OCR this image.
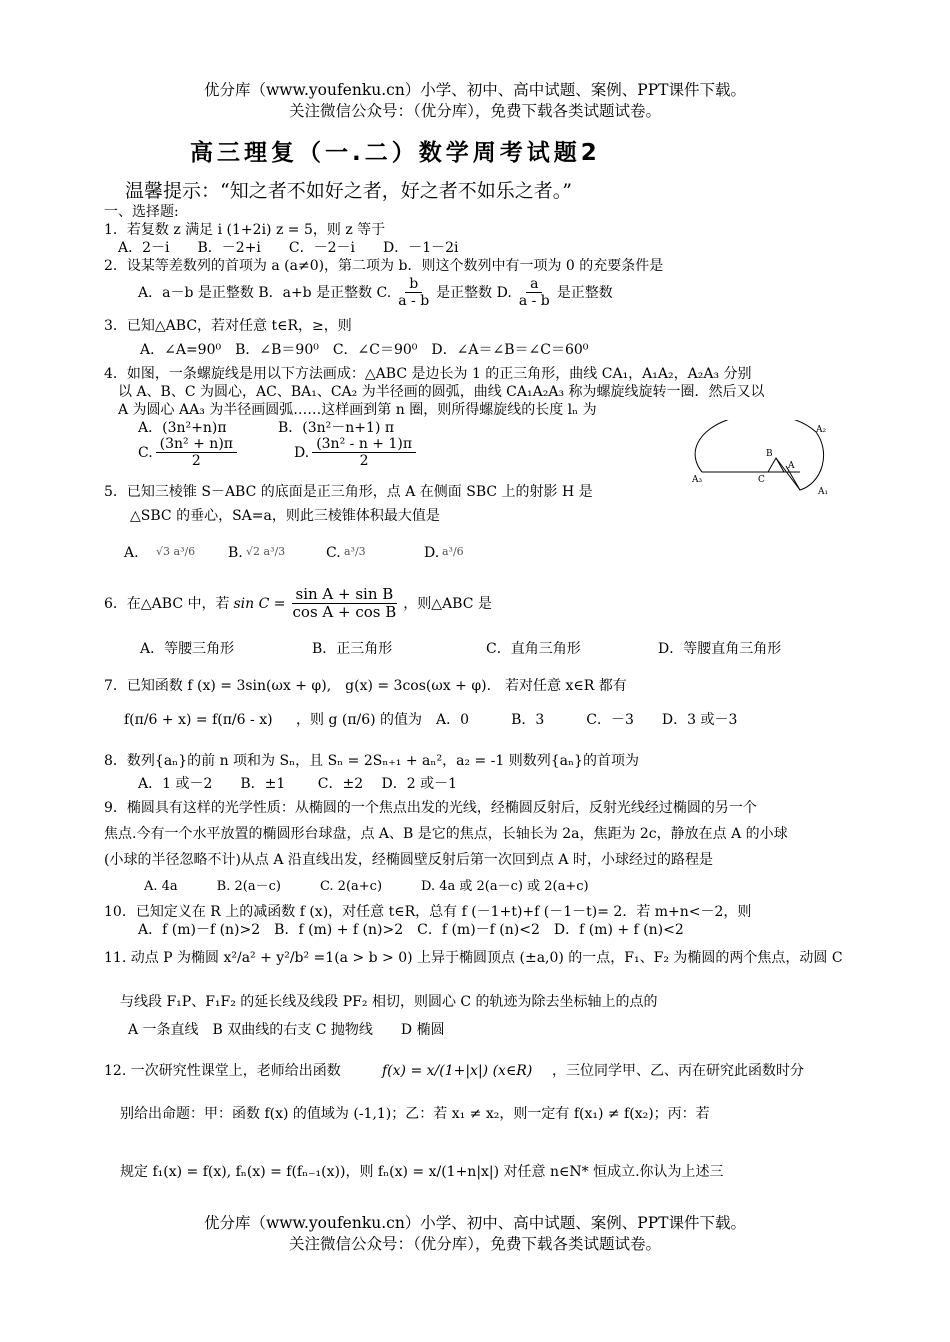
优分库（www.youfenku.cn）小学、初中、高中试题、案例、PPT课件下载。
关注微信公众号：（优分库），免费下载各类试题试卷。
高三理复（一.二）数学周考试题2
温馨提示：“知之者不如好之者，好之者不如乐之者。”
一、选择题:
1．若复数 z 满足 i (1+2i) z = 5，则 z 等于
A．2－i　　B．－2+i　　C．－2－i　　D．－1－2i
2．设某等差数列的首项为 a (a≠0)，第二项为 b．则这个数列中有一项为 0 的充要条件是
A．a－b 是正整数 B．a+b 是正整数 C. $\frac{b}{a - b}$ 是正整数 D. $\frac{a}{a - b}$ 是正整数
3．已知△ABC，若对任意 t∈R，≥，则
A．∠A=90⁰　B．∠B＝90⁰　C．∠C＝90⁰　D．∠A＝∠B＝∠C＝60⁰
4．如图，一条螺旋线是用以下方法画成：△ABC 是边长为 1 的正三角形，曲线 CA₁，A₁A₂，A₂A₃ 分别
以 A、B、C 为圆心，AC、BA₁、CA₂ 为半径画的圆弧，曲线 CA₁A₂A₃ 称为螺旋线旋转一圈．然后又以
A 为圆心 AA₃ 为半径画圆弧……这样画到第 n 圈，则所得螺旋线的长度 lₙ 为
A．(3n²+n)π	B．(3n²－n+1) π
C. $\frac{\text{(3n² + n)π}}{2}$	D. $\frac{\text{(3n² - n + 1)π}}{2}$
A₂
A₃
B
C
A
A₁
5．已知三棱锥 S－ABC 的底面是正三角形，点 A 在侧面 SBC 上的射影 H 是
△SBC 的垂心，SA=a，则此三棱锥体积最大值是
A. √3 a³/6 B. √2 a³/3	C. a³/3	D. a³/6
6．在△ABC 中，若 $\sin C = \frac{\text{sin A + sin B}}{\text{cos A + cos B}}$ ，则△ABC 是
A．等腰三角形	B．正三角形	C．直角三角形	D．等腰直角三角形
7．已知函数 f (x) = 3sin(ωx + φ),　g(x) = 3cos(ωx + φ).　若对任意 x∈R 都有
f(π/6 + x) = f(π/6 - x) ，则 g (π/6) 的值为　A．0　　　B．3　　　C．－3　　D．3 或－3
8．数列{aₙ}的前 n 项和为 Sₙ，且 Sₙ = 2Sₙ₊₁ + aₙ²，a₂ = -1 则数列{aₙ}的首项为
A．1 或－2　　B．±1　　 C．±2　 D．2 或－1
9．椭圆具有这样的光学性质：从椭圆的一个焦点出发的光线，经椭圆反射后，反射光线经过椭圆的另一个
焦点.今有一个水平放置的椭圆形台球盘，点 A、B 是它的焦点，长轴长为 2a，焦距为 2c，静放在点 A 的小球
(小球的半径忽略不计)从点 A 沿直线出发，经椭圆壁反射后第一次回到点 A 时，小球经过的路程是
A. 4a　　　B. 2(a－c)　　　C. 2(a+c)　　　D. 4a 或 2(a－c) 或 2(a+c)
10．已知定义在 R 上的减函数 f (x)，对任意 t∈R，总有 f (－1+t)+f (－1－t)= 2．若 m+n<－2，则
A．f (m)－f (n)>2　B．f (m) + f (n)>2　C．f (m)－f (n)<2　D．f (m) + f (n)<2
11. 动点 P 为椭圆 x²/a² + y²/b² =1(a > b > 0) 上异于椭圆顶点 (±a,0) 的一点，F₁、F₂ 为椭圆的两个焦点，动圆 C
与线段 F₁P、F₁F₂ 的延长线及线段 PF₂ 相切，则圆心 C 的轨迹为除去坐标轴上的点的
A 一条直线　B 双曲线的右支 C 抛物线　　D 椭圆
12. 一次研究性课堂上，老师给出函数	f(x) = x/(1+|x|) (x∈R) ，三位同学甲、乙、丙在研究此函数时分
别给出命题：甲：函数 f(x) 的值域为 (-1,1)；乙：若 x₁ ≠ x₂，则一定有 f(x₁) ≠ f(x₂)；丙：若
规定 f₁(x) = f(x), fₙ(x) = f(fₙ₋₁(x))，则 fₙ(x) = x/(1+n|x|) 对任意 n∈N* 恒成立.你认为上述三
优分库（www.youfenku.cn）小学、初中、高中试题、案例、PPT课件下载。
关注微信公众号：（优分库），免费下载各类试题试卷。
